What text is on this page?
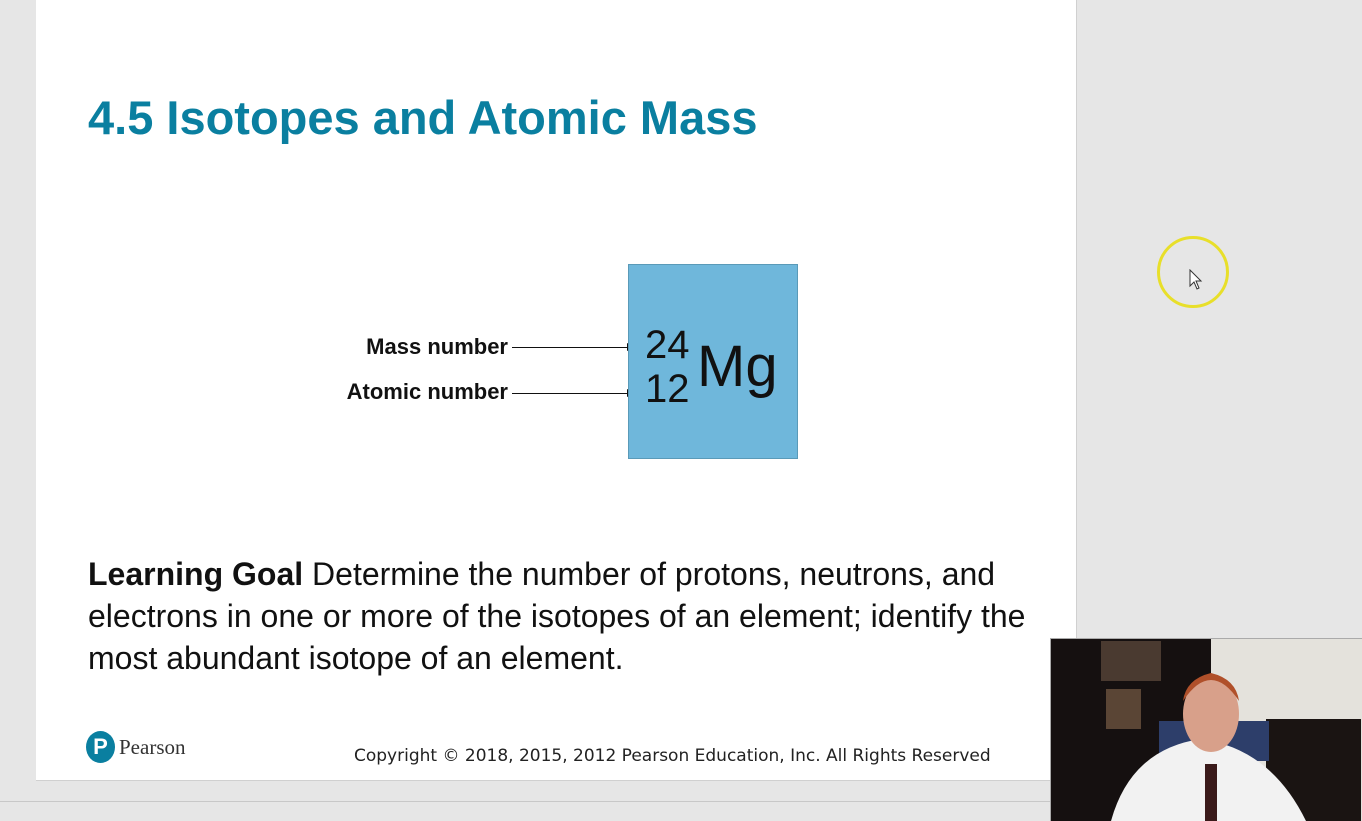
4.5 Isotopes and Atomic Mass
Mass number
Atomic number
24
12 Mg
Learning Goal Determine the number of protons, neutrons, and electrons in one or more of the isotopes of an element; identify the most abundant isotope of an element.
P Pearson	Copyright © 2018, 2015, 2012 Pearson Education, Inc. All Rights Reserved
